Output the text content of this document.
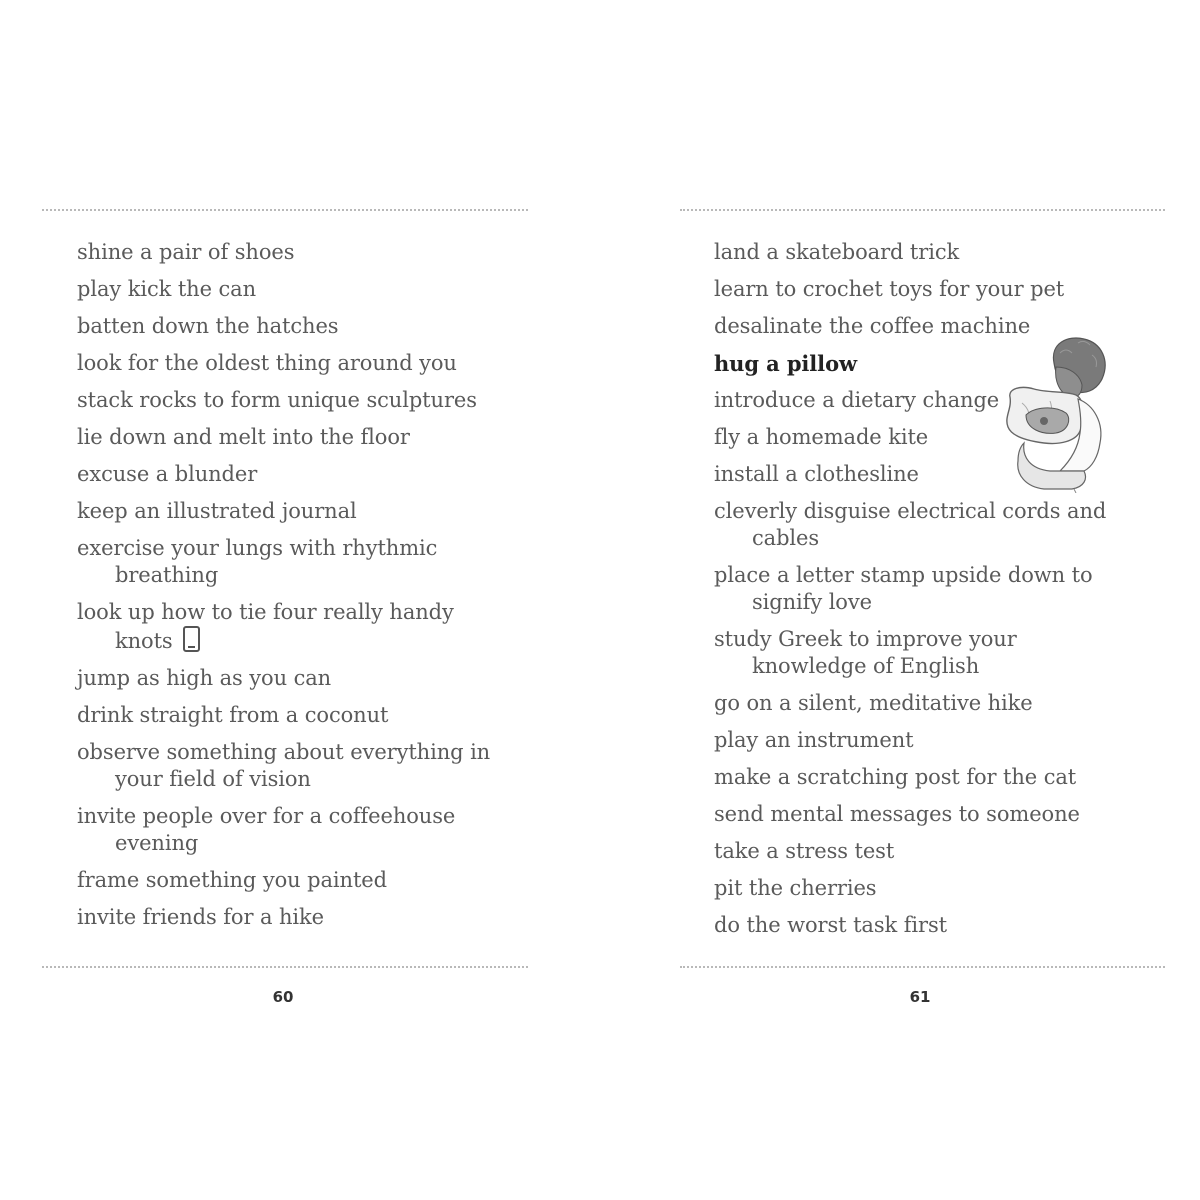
shine a pair of shoes
play kick the can
batten down the hatches
look for the oldest thing around you
stack rocks to form unique sculptures
lie down and melt into the floor
excuse a blunder
keep an illustrated journal
exercise your lungs with rhythmic breathing
look up how to tie four really handy knots
jump as high as you can
drink straight from a coconut
observe something about everything in your field of vision
invite people over for a coffeehouse evening
frame something you painted
invite friends for a hike
60
land a skateboard trick
learn to crochet toys for your pet
desalinate the coffee machine
hug a pillow
introduce a dietary change
fly a homemade kite
install a clothesline
cleverly disguise electrical cords and cables
place a letter stamp upside down to signify love
study Greek to improve your knowledge of English
go on a silent, meditative hike
play an instrument
make a scratching post for the cat
send mental messages to someone
take a stress test
pit the cherries
do the worst task first
61
